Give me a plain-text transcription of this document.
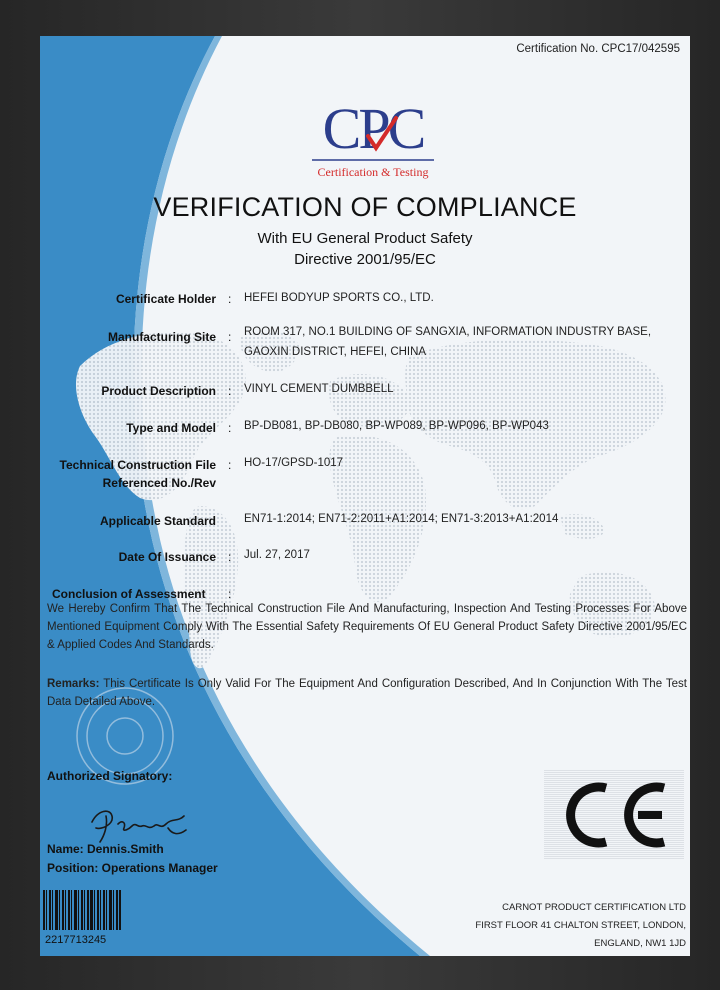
Certification No. CPC17/042595
CPC
Certification & Testing
VERIFICATION OF COMPLIANCE
With EU General Product Safety
Directive 2001/95/EC
Certificate Holder : HEFEI BODYUP SPORTS CO., LTD.
Manufacturing Site : ROOM 317, NO.1 BUILDING OF SANGXIA, INFORMATION INDUSTRY BASE,
GAOXIN DISTRICT, HEFEI, CHINA
Product Description : VINYL CEMENT DUMBBELL
Type and Model : BP-DB081, BP-DB080, BP-WP089, BP-WP096, BP-WP043
Technical Construction File
Referenced No./Rev
: HO-17/GPSD-1017
Applicable Standard EN71-1:2014; EN71-2:2011+A1:2014; EN71-3:2013+A1:2014
Date Of Issuance : Jul. 27, 2017
Conclusion of Assessment :
We Hereby Confirm That The Technical Construction File And Manufacturing, Inspection And Testing Processes For Above Mentioned Equipment Comply With The Essential Safety Requirements Of EU General Product Safety Directive 2001/95/EC & Applied Codes And Standards.
Remarks: This Certificate Is Only Valid For The Equipment And Configuration Described, And In Conjunction With The Test Data Detailed Above.
Authorized Signatory:
Name: Dennis.Smith
Position: Operations Manager
CE
2217713245
CARNOT PRODUCT CERTIFICATION LTD
FIRST FLOOR 41 CHALTON STREET, LONDON,
ENGLAND, NW1 1JD
